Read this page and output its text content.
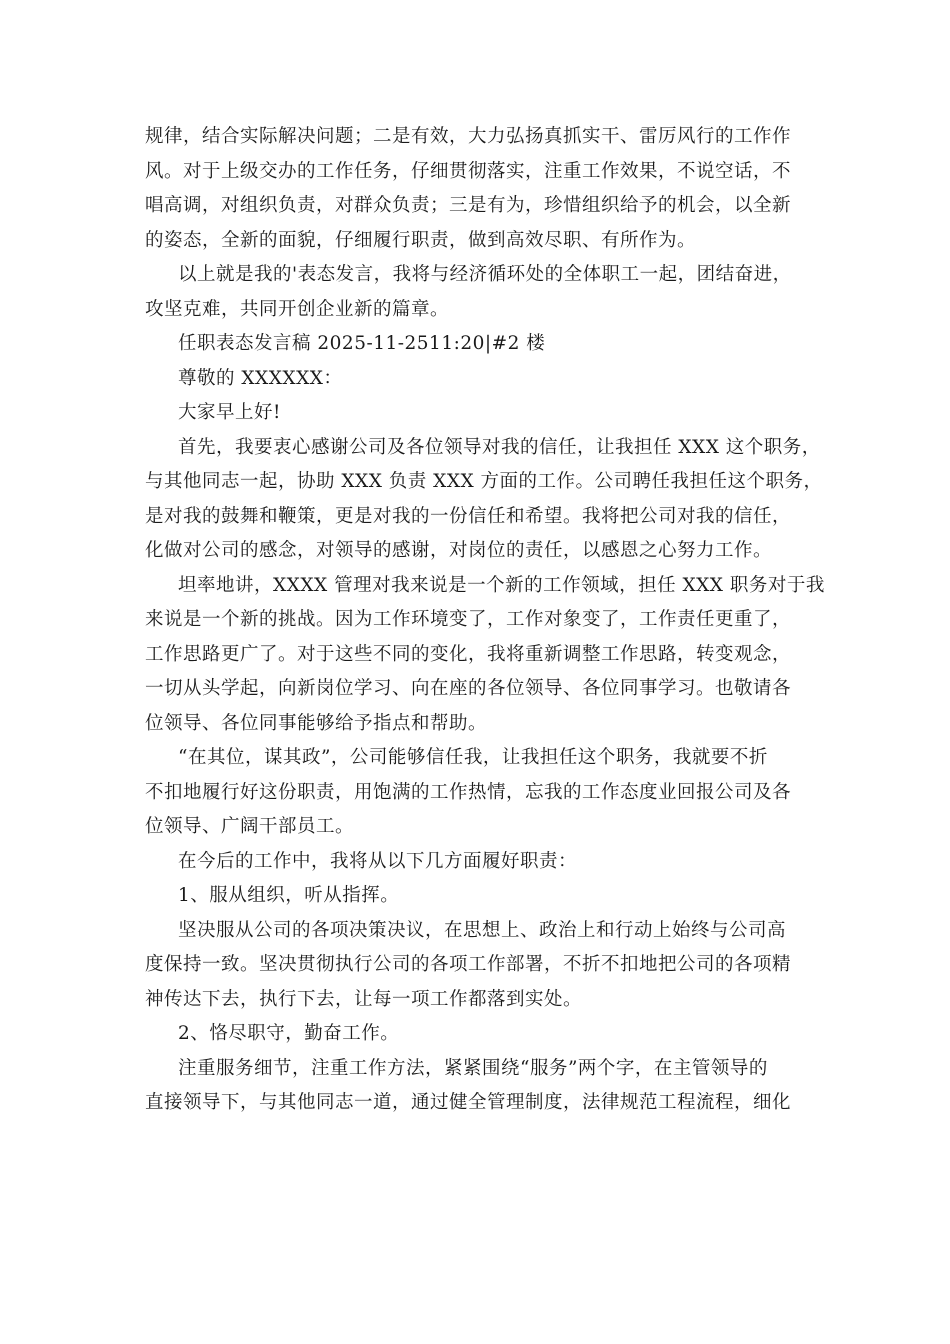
规律，结合实际解决问题；二是有效，大力弘扬真抓实干、雷厉风行的工作作
风。对于上级交办的工作任务，仔细贯彻落实，注重工作效果，不说空话，不
唱高调，对组织负责，对群众负责；三是有为，珍惜组织给予的机会，以全新
的姿态，全新的面貌，仔细履行职责，做到高效尽职、有所作为。
以上就是我的'表态发言，我将与经济循环处的全体职工一起，团结奋进，
攻坚克难，共同开创企业新的篇章。
任职表态发言稿 2025-11-2511:20|#2 楼
尊敬的 XXXXXX：
大家早上好!
首先，我要衷心感谢公司及各位领导对我的信任，让我担任 XXX 这个职务，
与其他同志一起，协助 XXX 负责 XXX 方面的工作。公司聘任我担任这个职务，
是对我的鼓舞和鞭策，更是对我的一份信任和希望。我将把公司对我的信任，
化做对公司的感念，对领导的感谢，对岗位的责任，以感恩之心努力工作。
坦率地讲，XXXX 管理对我来说是一个新的工作领域，担任 XXX 职务对于我
来说是一个新的挑战。因为工作环境变了，工作对象变了，工作责任更重了，
工作思路更广了。对于这些不同的变化，我将重新调整工作思路，转变观念，
一切从头学起，向新岗位学习、向在座的各位领导、各位同事学习。也敬请各
位领导、各位同事能够给予指点和帮助。
“在其位，谋其政”，公司能够信任我，让我担任这个职务，我就要不折
不扣地履行好这份职责，用饱满的工作热情，忘我的工作态度业回报公司及各
位领导、广阔干部员工。
在今后的工作中，我将从以下几方面履好职责：
1、服从组织，听从指挥。
坚决服从公司的各项决策决议，在思想上、政治上和行动上始终与公司高
度保持一致。坚决贯彻执行公司的各项工作部署，不折不扣地把公司的各项精
神传达下去，执行下去，让每一项工作都落到实处。
2、恪尽职守，勤奋工作。
注重服务细节，注重工作方法，紧紧围绕“服务”两个字，在主管领导的
直接领导下，与其他同志一道，通过健全管理制度，法律规范工程流程，细化
